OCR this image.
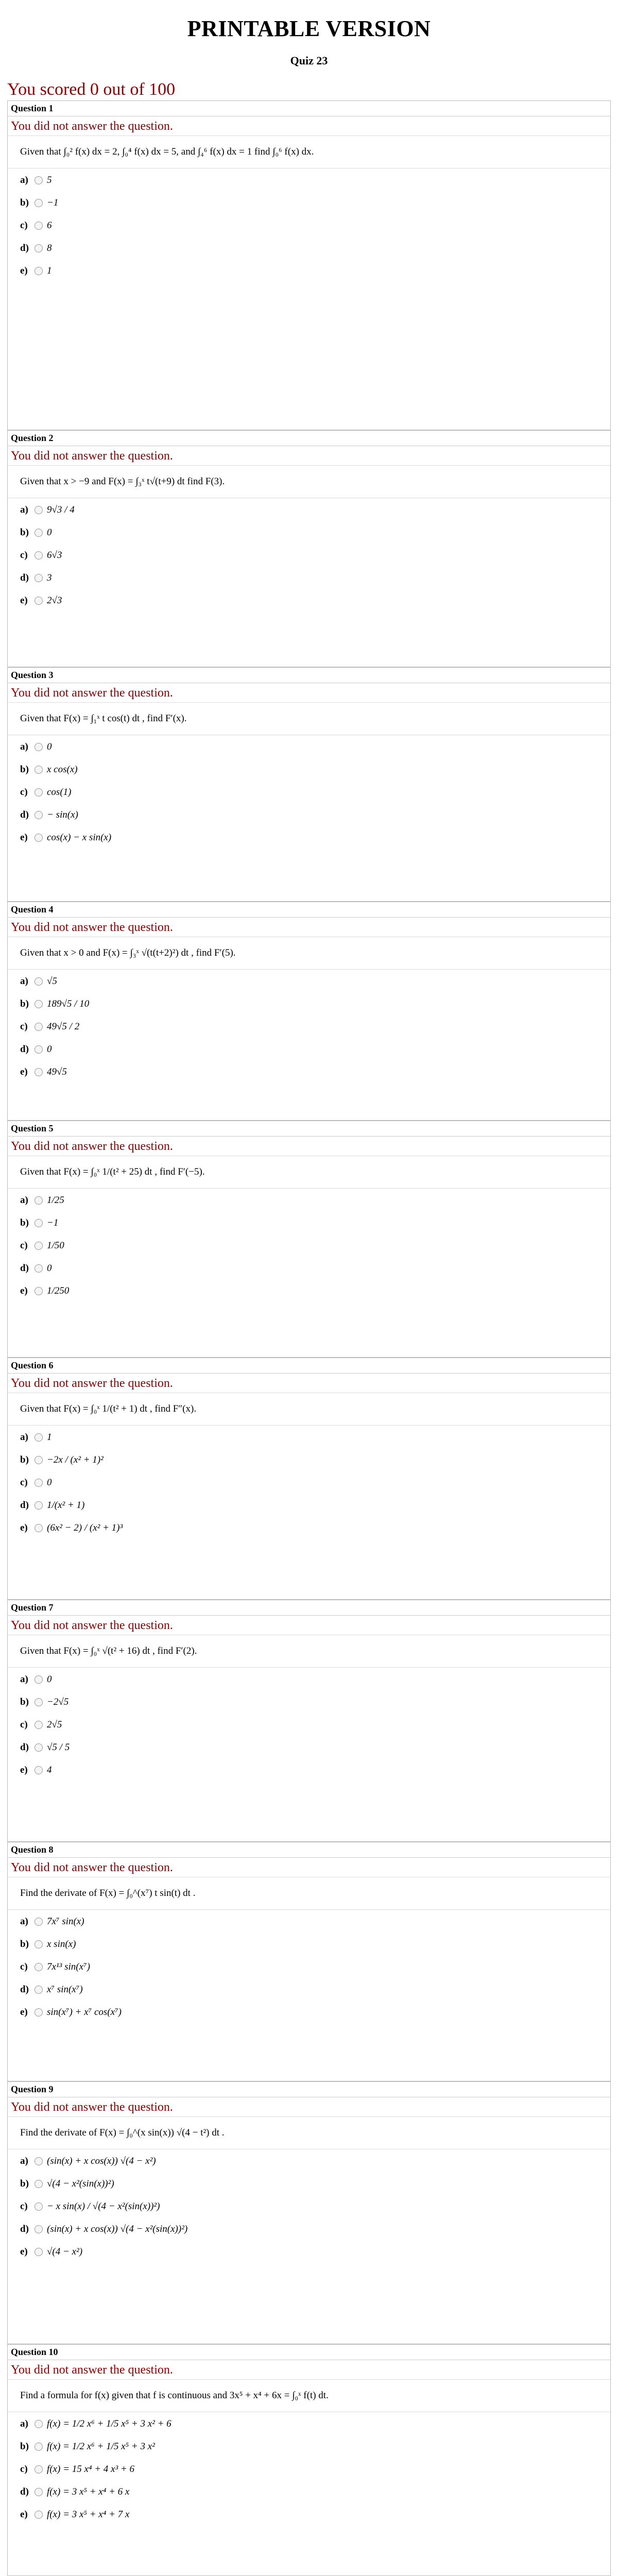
PRINTABLE VERSION
Quiz 23
You scored 0 out of 100
Question 1
You did not answer the question.
Given that ∫₀² f(x) dx = 2, ∫₀⁴ f(x) dx = 5, and ∫₄⁶ f(x) dx = 1 find ∫₀⁶ f(x) dx.
a)	5
b)	−1
c)	6
d)	8
e)	1
Question 2
You did not answer the question.
Given that x > −9 and F(x) = ∫₃ˣ t√(t+9) dt find F(3).
a)	9√3 / 4
b)	0
c)	6√3
d)	3
e)	2√3
Question 3
You did not answer the question.
Given that F(x) = ∫₁ˣ t cos(t) dt , find F′(x).
a)	0
b)	x cos(x)
c)	cos(1)
d)	− sin(x)
e)	cos(x) − x sin(x)
Question 4
You did not answer the question.
Given that x > 0 and F(x) = ∫₃ˣ √(t(t+2)²) dt , find F′(5).
a)	√5
b)	189√5 / 10
c)	49√5 / 2
d)	0
e)	49√5
Question 5
You did not answer the question.
Given that F(x) = ∫₀ˣ 1/(t² + 25) dt , find F′(−5).
a)	1/25
b)	−1
c)	1/50
d)	0
e)	1/250
Question 6
You did not answer the question.
Given that F(x) = ∫₀ˣ 1/(t² + 1) dt , find F″(x).
a)	1
b)	−2x / (x² + 1)²
c)	0
d)	1/(x² + 1)
e)	(6x² − 2) / (x² + 1)³
Question 7
You did not answer the question.
Given that F(x) = ∫₀ˣ √(t² + 16) dt , find F′(2).
a)	0
b)	−2√5
c)	2√5
d)	√5 / 5
e)	4
Question 8
You did not answer the question.
Find the derivate of F(x) = ∫₀^(x⁷) t sin(t) dt .
a)	7x⁷ sin(x)
b)	x sin(x)
c)	7x¹³ sin(x⁷)
d)	x⁷ sin(x⁷)
e)	sin(x⁷) + x⁷ cos(x⁷)
Question 9
You did not answer the question.
Find the derivate of F(x) = ∫₀^(x sin(x)) √(4 − t²) dt .
a)	(sin(x) + x cos(x)) √(4 − x²)
b)	√(4 − x²(sin(x))²)
c)	− x sin(x) / √(4 − x²(sin(x))²)
d)	(sin(x) + x cos(x)) √(4 − x²(sin(x))²)
e)	√(4 − x²)
Question 10
You did not answer the question.
Find a formula for f(x) given that f is continuous and 3x⁵ + x⁴ + 6x = ∫₀ˣ f(t) dt.
a)	f(x) = 1/2 x⁶ + 1/5 x⁵ + 3 x² + 6
b)	f(x) = 1/2 x⁶ + 1/5 x⁵ + 3 x²
c)	f(x) = 15 x⁴ + 4 x³ + 6
d)	f(x) = 3 x⁵ + x⁴ + 6 x
e)	f(x) = 3 x⁵ + x⁴ + 7 x
